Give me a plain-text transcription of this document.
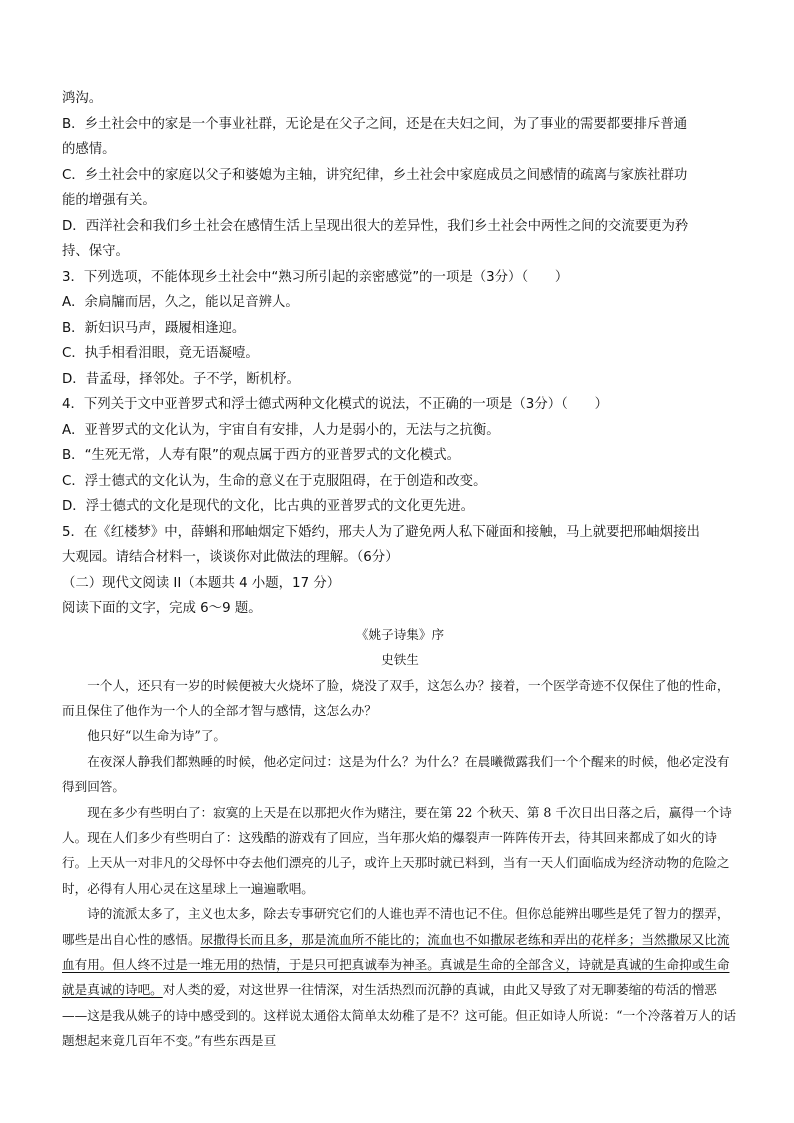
鸿沟。

B．乡土社会中的家是一个事业社群，无论是在父子之间，还是在夫妇之间，为了事业的需要都要排斥普通

的感情。

C．乡土社会中的家庭以父子和婆媳为主轴，讲究纪律，乡土社会中家庭成员之间感情的疏离与家族社群功

能的增强有关。

D．西洋社会和我们乡土社会在感情生活上呈现出很大的差异性，我们乡土社会中两性之间的交流要更为矜

持、保守。

3．下列选项，不能体现乡土社会中“熟习所引起的亲密感觉”的一项是（3分）（　　）

A．余扃牖而居，久之，能以足音辨人。

B．新妇识马声，蹑履相逢迎。

C．执手相看泪眼，竟无语凝噎。

D．昔孟母，择邻处。子不学，断机杼。

4．下列关于文中亚普罗式和浮士德式两种文化模式的说法，不正确的一项是（3分）（　　）

A．亚普罗式的文化认为，宇宙自有安排，人力是弱小的，无法与之抗衡。

B．“生死无常，人寿有限”的观点属于西方的亚普罗式的文化模式。

C．浮士德式的文化认为，生命的意义在于克服阻碍，在于创造和改变。

D．浮士德式的文化是现代的文化，比古典的亚普罗式的文化更先进。

5．在《红楼梦》中，薛蝌和邢岫烟定下婚约，邢夫人为了避免两人私下碰面和接触，马上就要把邢岫烟接出

大观园。请结合材料一，谈谈你对此做法的理解。（6分）

（二）现代文阅读 II（本题共 4 小题，17 分）

阅读下面的文字，完成 6～9 题。

《姚子诗集》序

史铁生

一个人，还只有一岁的时候便被大火烧坏了脸，烧没了双手，这怎么办？接着，一个医学奇迹不仅保住了他的性命，而且保住了他作为一个人的全部才智与感情，这怎么办？

他只好“以生命为诗”了。

在夜深人静我们都熟睡的时候，他必定问过：这是为什么？为什么？在晨曦微露我们一个个醒来的时候，他必定没有得到回答。

现在多少有些明白了：寂寞的上天是在以那把火作为赌注，要在第 22 个秋天、第 8 千次日出日落之后，赢得一个诗人。现在人们多少有些明白了：这残酷的游戏有了回应，当年那火焰的爆裂声一阵阵传开去，待其回来都成了如火的诗行。上天从一对非凡的父母怀中夺去他们漂亮的儿子，或许上天那时就已料到，当有一天人们面临成为经济动物的危险之时，必得有人用心灵在这星球上一遍遍歌唱。

诗的流派太多了，主义也太多，除去专事研究它们的人谁也弄不清也记不住。但你总能辨出哪些是凭了智力的摆弄，哪些是出自心性的感悟。尿撒得长而且多，那是流血所不能比的；流血也不如撒尿老练和弄出的花样多；当然撒尿又比流血有用。但人终不过是一堆无用的热情，于是只可把真诚奉为神圣。真诚是生命的全部含义，诗就是真诚的生命抑或生命就是真诚的诗吧。对人类的爱，对这世界一往情深，对生活热烈而沉静的真诚，由此又导致了对无聊萎缩的苟活的憎恶——这是我从姚子的诗中感受到的。这样说太通俗太简单太幼稚了是不？这可能。但正如诗人所说：“一个冷落着万人的话题想起来竟几百年不变。”有些东西是亘
